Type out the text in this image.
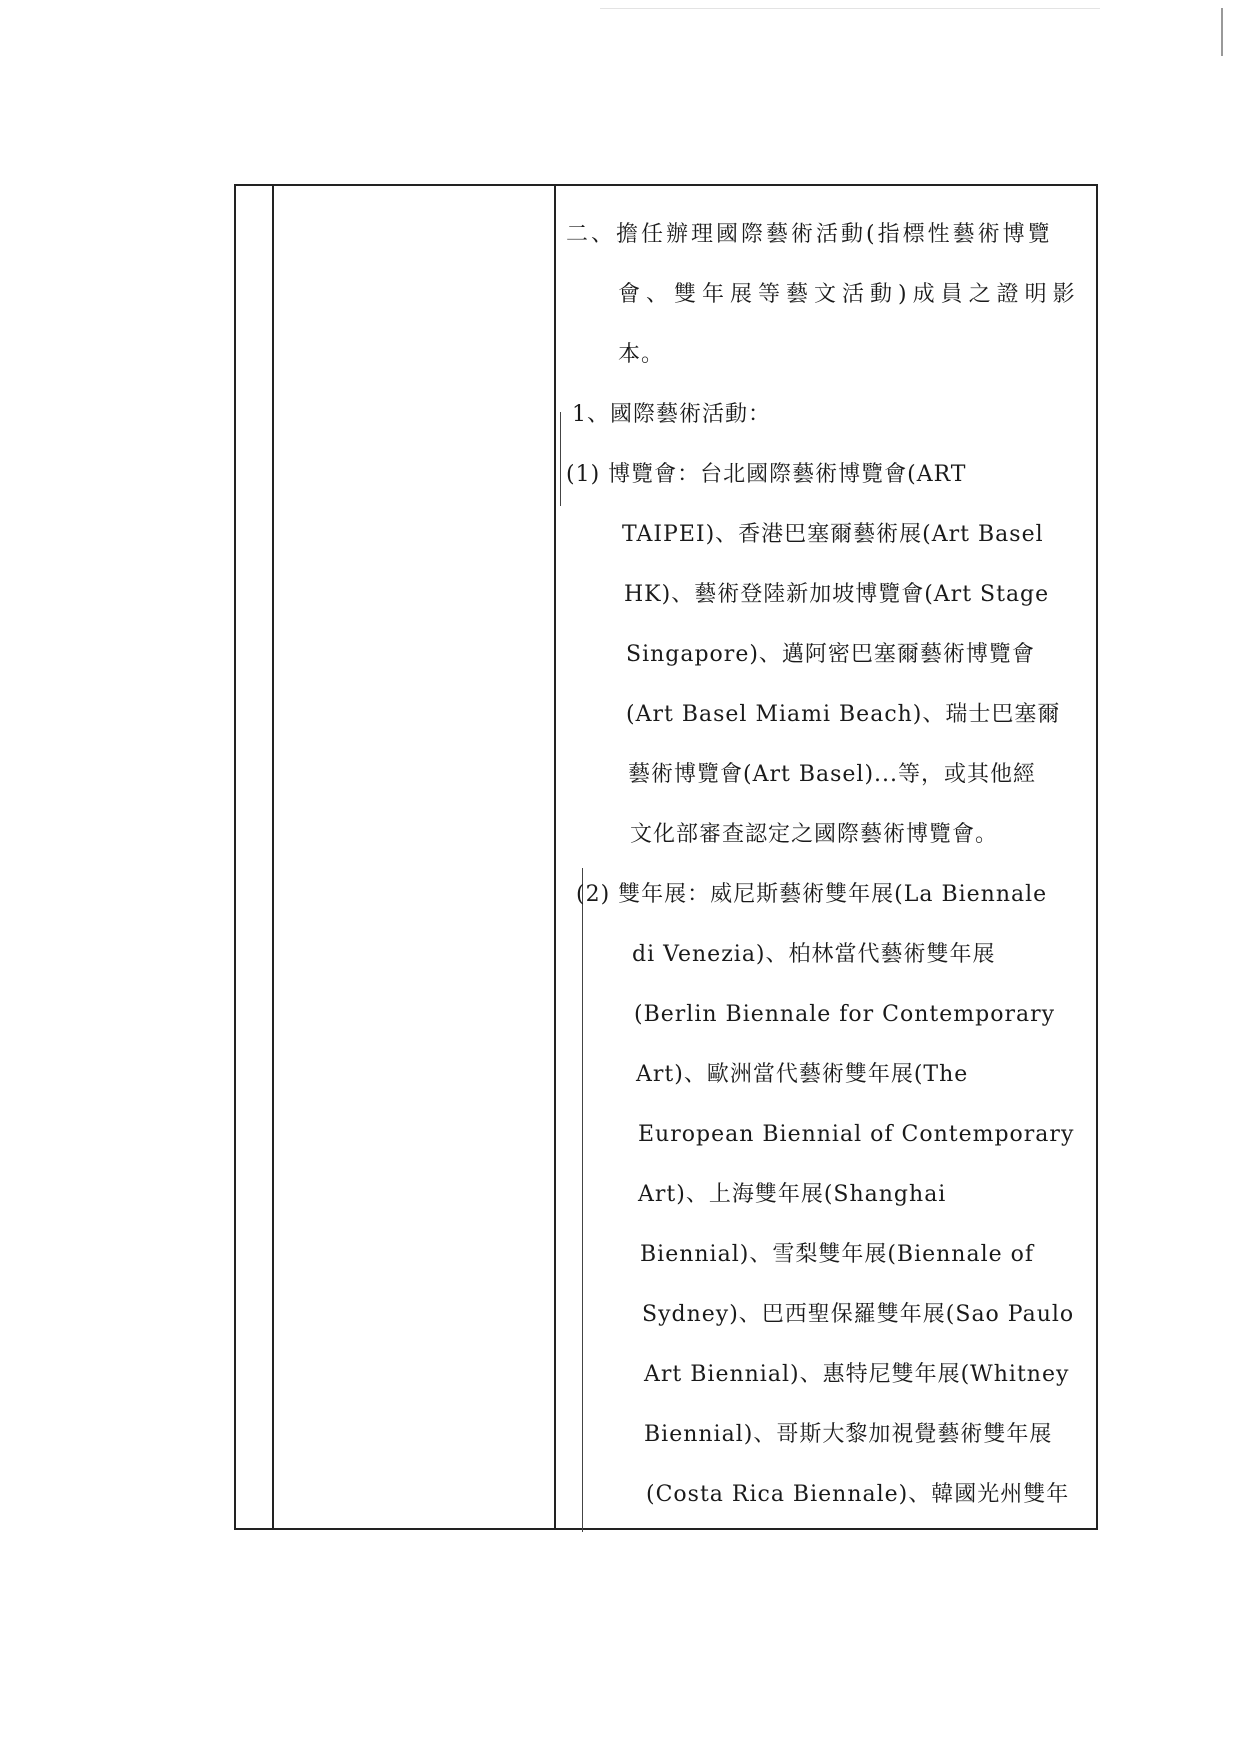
二、擔任辦理國際藝術活動(指標性藝術博覽
會、雙年展等藝文活動)成員之證明影
本。
1、國際藝術活動：
(1) 博覽會：台北國際藝術博覽會(ART
TAIPEI)、香港巴塞爾藝術展(Art Basel
HK)、藝術登陸新加坡博覽會(Art Stage
Singapore)、邁阿密巴塞爾藝術博覽會
(Art Basel Miami Beach)、瑞士巴塞爾
藝術博覽會(Art Basel)...等，或其他經
文化部審查認定之國際藝術博覽會。
(2) 雙年展：威尼斯藝術雙年展(La Biennale
di Venezia)、柏林當代藝術雙年展
(Berlin Biennale for Contemporary
Art)、歐洲當代藝術雙年展(The
European Biennial of Contemporary
Art)、上海雙年展(Shanghai
Biennial)、雪梨雙年展(Biennale of
Sydney)、巴西聖保羅雙年展(Sao Paulo
Art Biennial)、惠特尼雙年展(Whitney
Biennial)、哥斯大黎加視覺藝術雙年展
(Costa Rica Biennale)、韓國光州雙年
